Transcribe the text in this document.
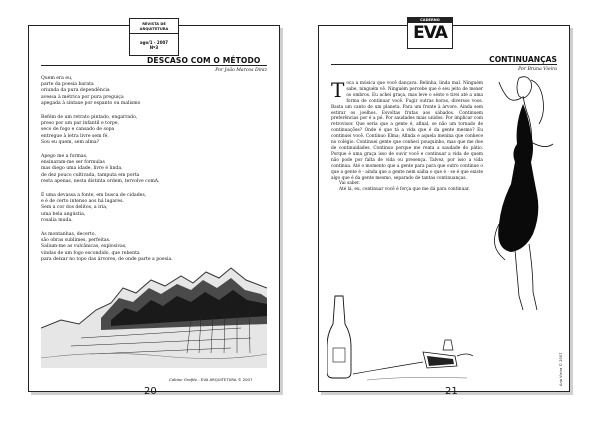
REVISTA DE
ARQUITETURA
ago/1 - 2007
Nº3
DESCASO COM O MÉTODO
Por João Marcos Diniz
Quem era eu,
parte da poesia barata
oriunda da pura dependência
avessa à métrica por pura preguiça
apegada à sintaxe por espanto ou malismo
Refém de um retrato pintado, engarrado,
preso por um par infantil e torpe,
seco de fogo e cansado de sopa
entregue à letra livre sem fé,
Sou eu quem, sem alma?
Apego me a formas,
ensinaram-me ser formulas
mas diego uma idade, livre é linda,
de dez pouco cultivada, tamputa em porta
resta apenas, nesta distinta ordem, tervolve comA.
É uma devassa a fonte, em busca de cidades,
e é de certo intenso aos há lugares.
Sem a cor dos delitos, a iria,
uma bela angústia,
rosalia muda.
As montanhas, decerto,
são obras sublimes, perfeitas.
Salium-me as vulcânicas, explosivas,
vindas de um fogo escondido, que rebenta
para deixar no topo das árvores, de onde parte a poesia.
Cabine Grafite - EVA ARQUITETURA © 2007
20
CADERNO
EVA
CONTINUANÇAS
Por Bruna Vieira

Toca a música que você dançava. Belinha, linda mal. Ninguém sabe, ninguém vê. Ninguém percebe que é seu jeito de mexer os ombros. Eu achei graça, mas leve o sésto e tirei até a uma forma de continuar você. Fugir outras horas, diversos voos. Basta um canto de um planeta. Para um fronte à árvore. Ainda sem estirar os joelhos. Esvoltas frutas aos sábados. Continuem preferências por é a pé. Por saudades mais unidos. Por implicar com retrovisor. Que seria que a gente é, afinal, se não um tornado de continuações? Onde é que tá a vida que é da gente mesmo? Eu continuei você. Continuo Elma; Afinda e aquela menina que conhece no colégio. Continuei gente que conheci pouquinho, mas que me doe de continuidades. Continuo porque me reata a saudade do pátio. Porque é uma graça isso de ouvir você e continuar a vida de quem não pode por falta de vida ou presença. Talvez, por isso a vida continua. Até o momento que a gente para para que outro continue o que a gente é - ainda que a gente nem saiba o que é - se é que existe algo que é da gente mesmo, separado de tantas continuanças.

Vai saber.

Até lá, eu, continuar você é força que me dá para continuar.

Ana Vieira © 2007
21
